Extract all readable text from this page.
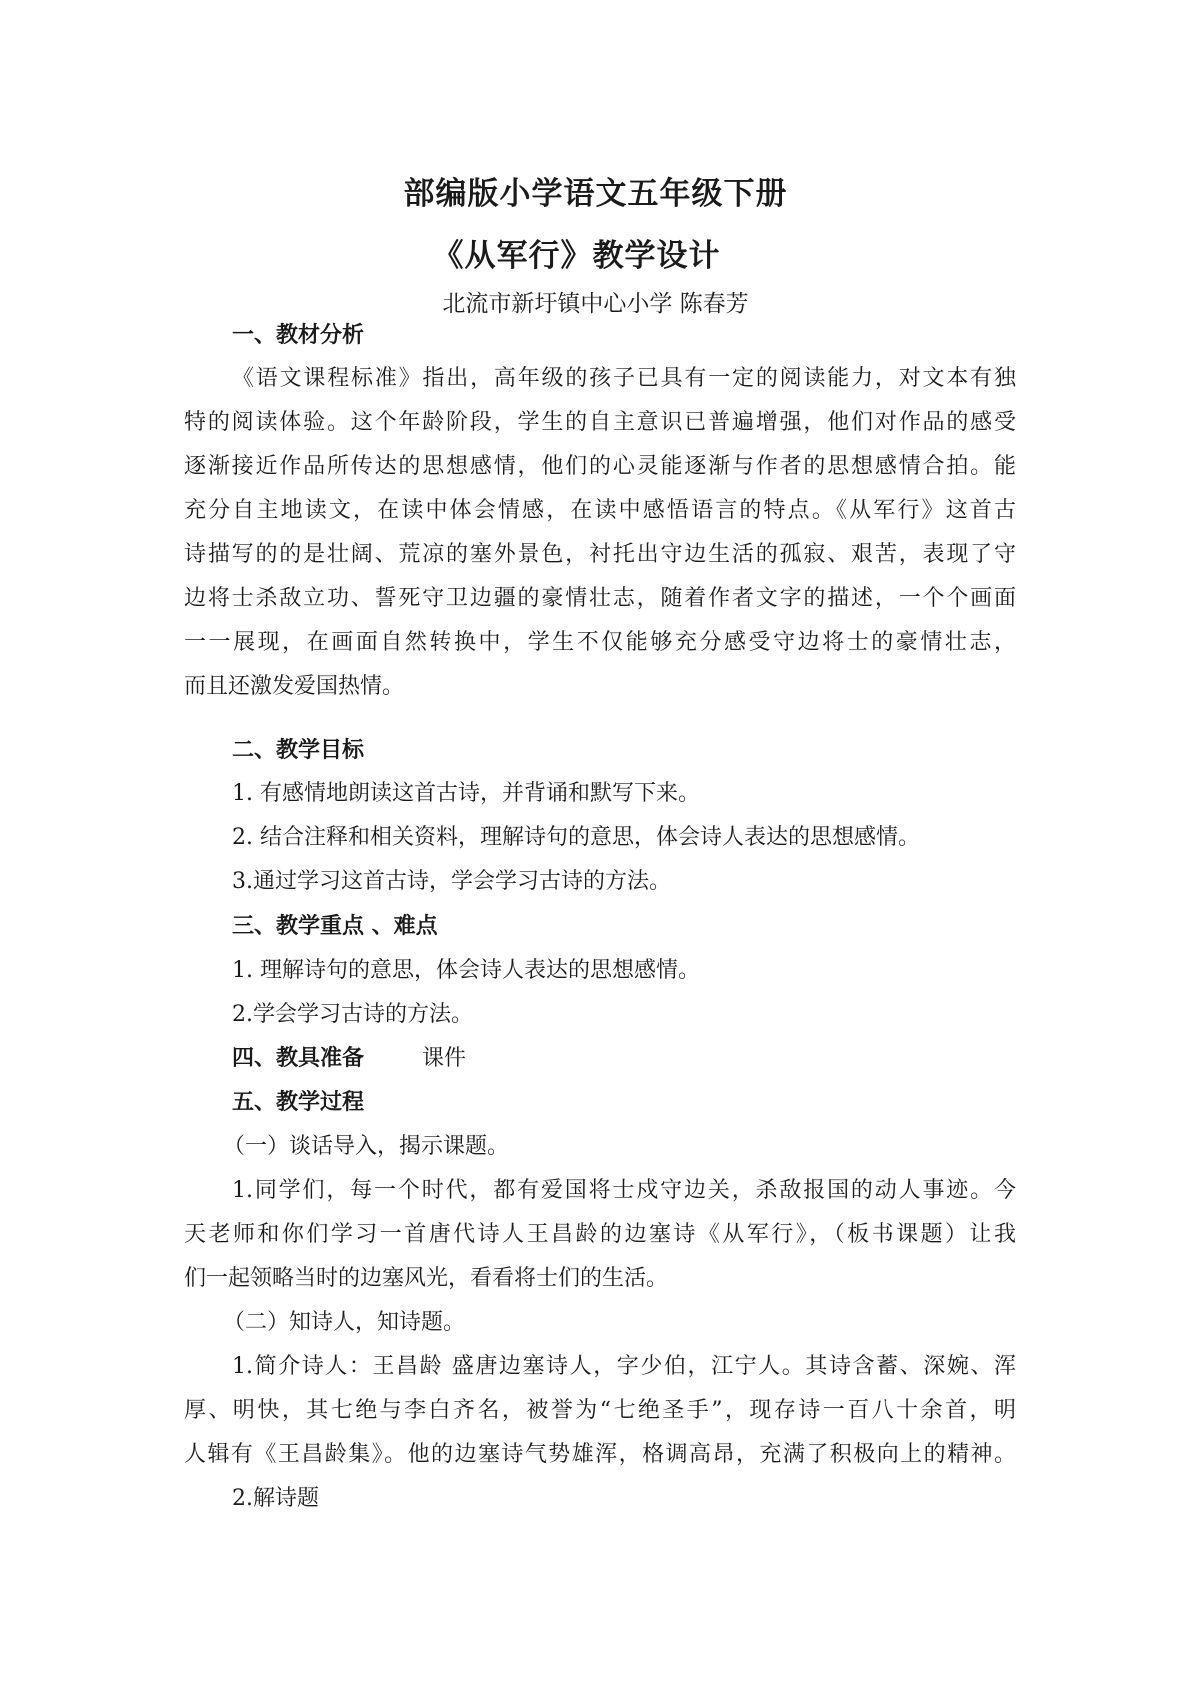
部编版小学语文五年级下册
《从军行》教学设计
北流市新圩镇中心小学 陈春芳
一、教材分析
《语文课程标准》指出，高年级的孩子已具有一定的阅读能力，对文本有独
特的阅读体验。这个年龄阶段，学生的自主意识已普遍增强，他们对作品的感受
逐渐接近作品所传达的思想感情，他们的心灵能逐渐与作者的思想感情合拍。能
充分自主地读文，在读中体会情感，在读中感悟语言的特点。《从军行》这首古
诗描写的的是壮阔、荒凉的塞外景色，衬托出守边生活的孤寂、艰苦，表现了守
边将士杀敌立功、誓死守卫边疆的豪情壮志，随着作者文字的描述，一个个画面
一一展现，在画面自然转换中，学生不仅能够充分感受守边将士的豪情壮志，
而且还激发爱国热情。
二、教学目标
1. 有感情地朗读这首古诗，并背诵和默写下来。
2. 结合注释和相关资料，理解诗句的意思，体会诗人表达的思想感情。
3.通过学习这首古诗，学会学习古诗的方法。
三、教学重点 、难点
1. 理解诗句的意思，体会诗人表达的思想感情。
2.学会学习古诗的方法。
四、教具准备	课件
五、教学过程
（一）谈话导入，揭示课题。
1.同学们，每一个时代，都有爱国将士戍守边关，杀敌报国的动人事迹。今
天老师和你们学习一首唐代诗人王昌龄的边塞诗《从军行》，（板书课题）让我
们一起领略当时的边塞风光，看看将士们的生活。
（二）知诗人，知诗题。
1.简介诗人：王昌龄 盛唐边塞诗人，字少伯，江宁人。其诗含蓄、深婉、浑
厚、明快，其七绝与李白齐名，被誉为“七绝圣手”，现存诗一百八十余首，明
人辑有《王昌龄集》。他的边塞诗气势雄浑，格调高昂，充满了积极向上的精神。
2.解诗题
